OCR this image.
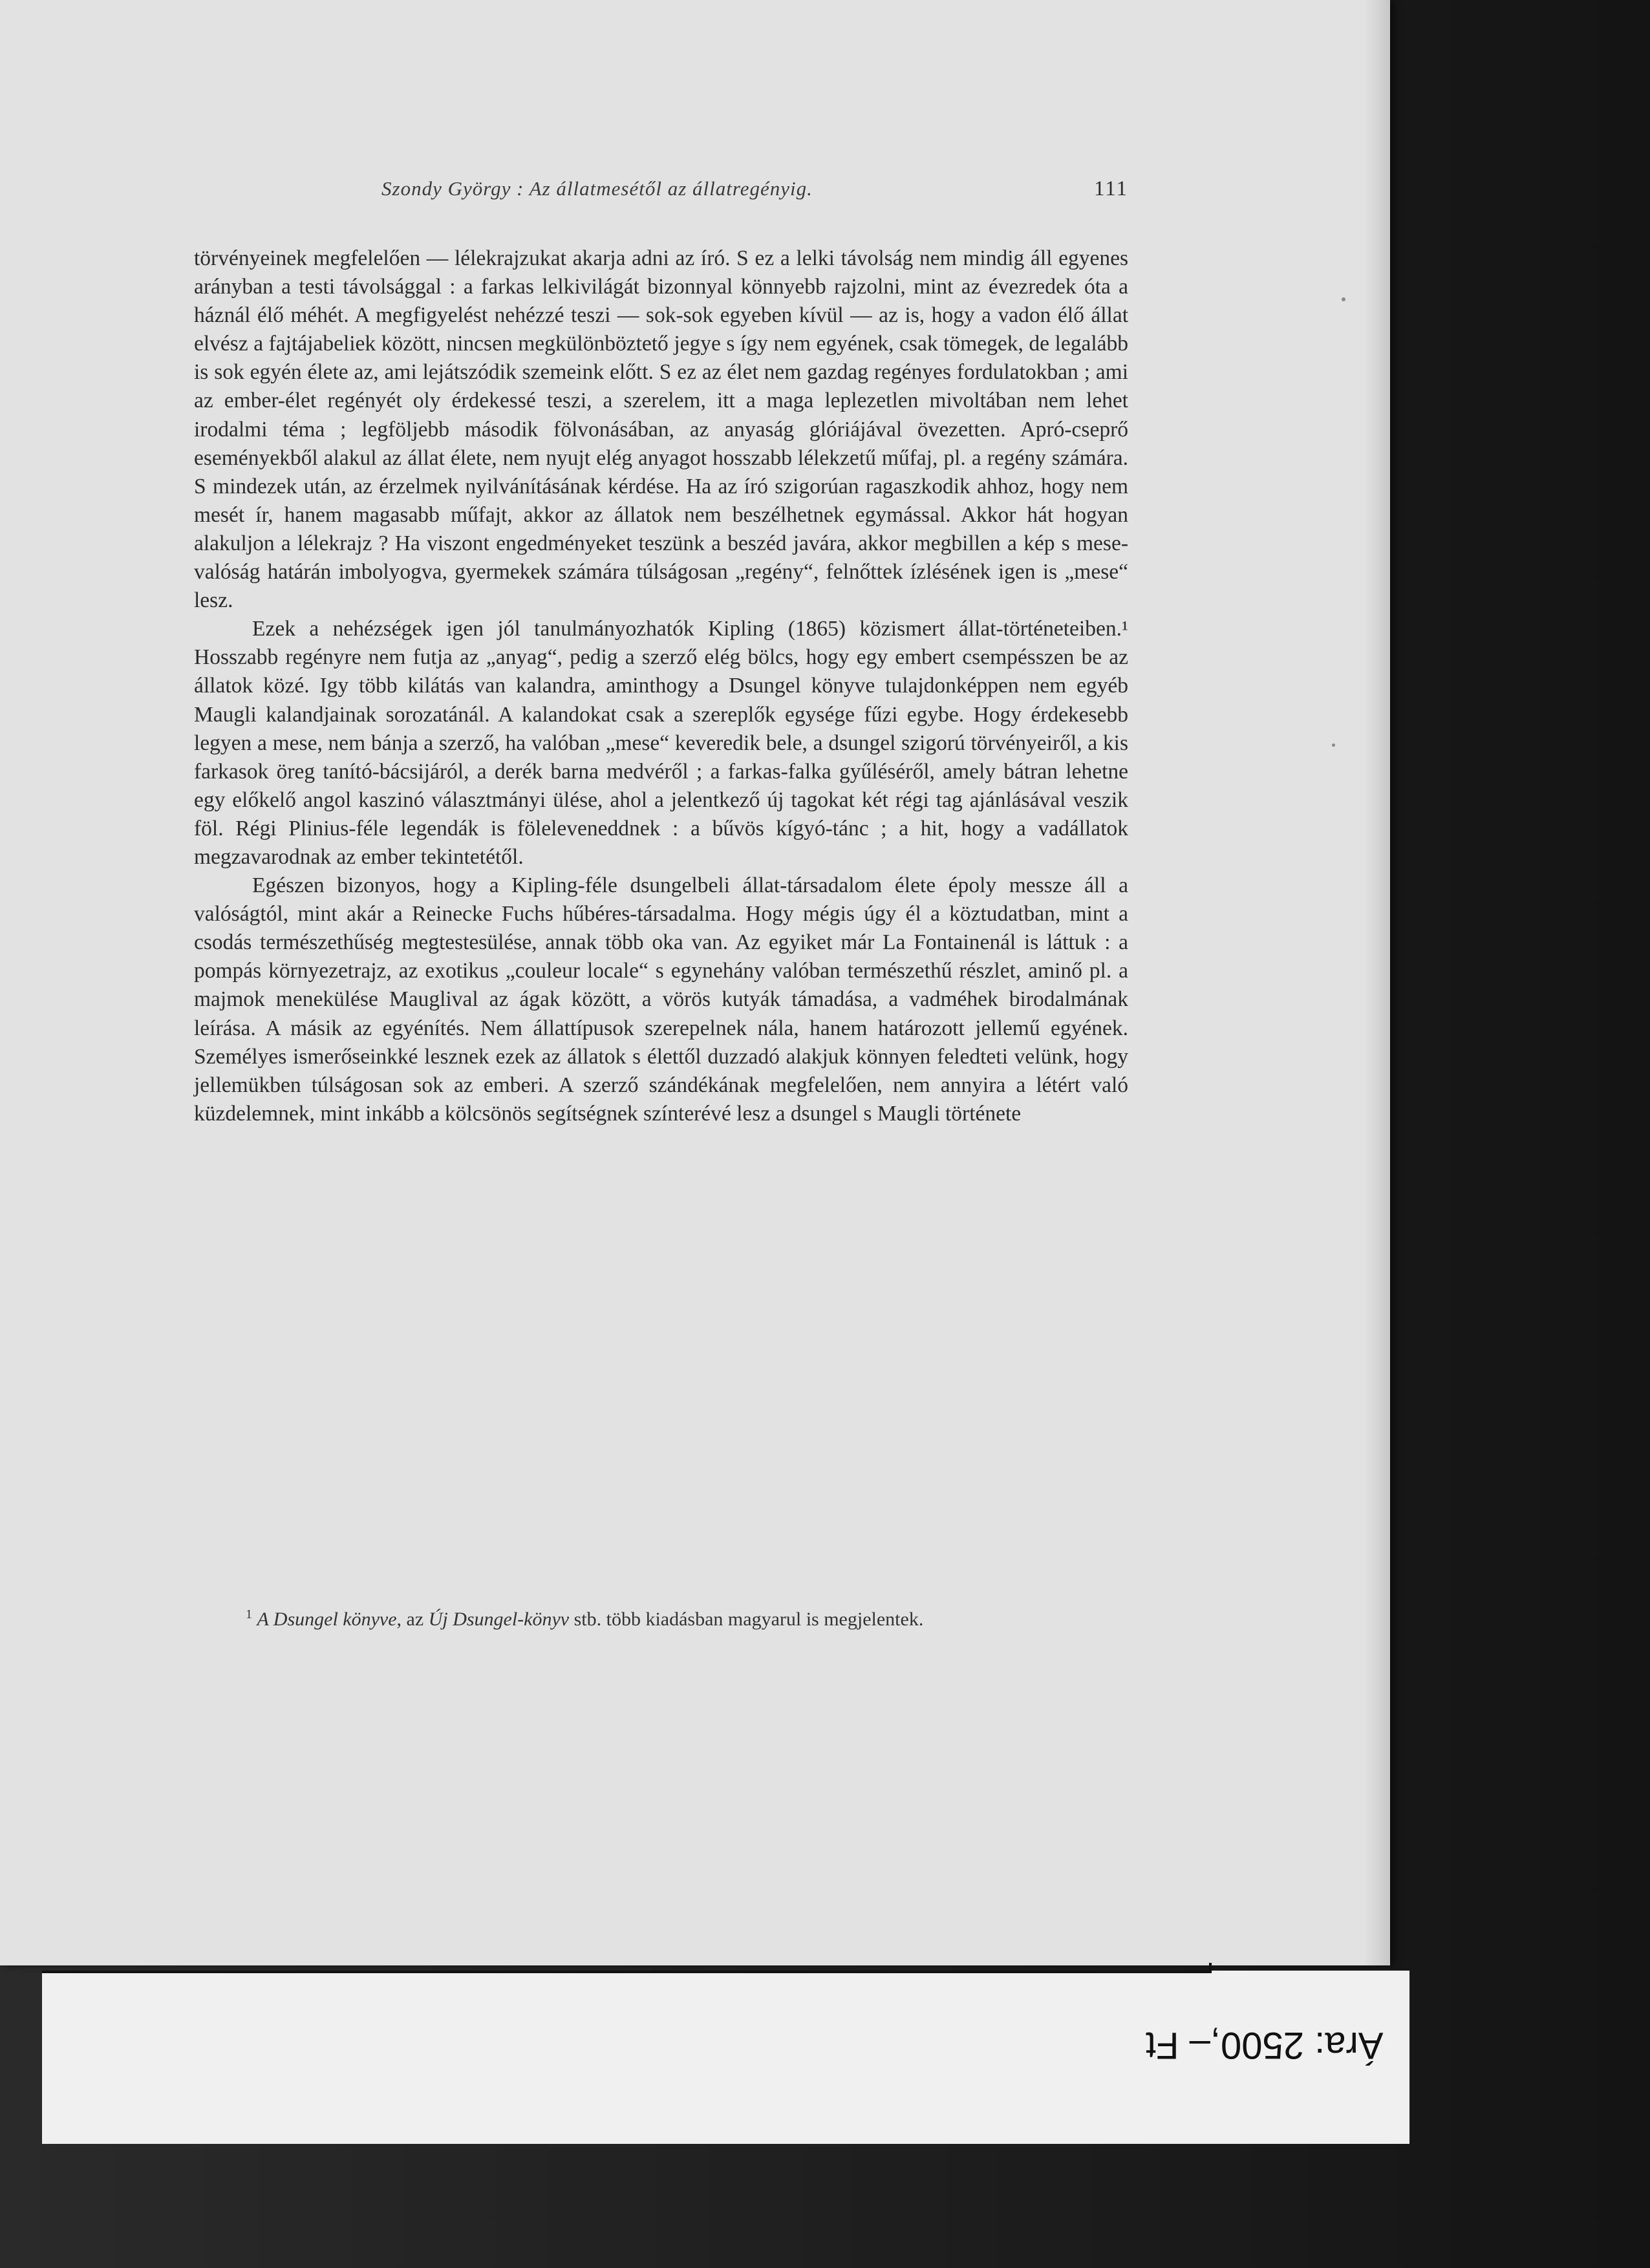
Szondy György : Az állatmesétől az állatregényig.	111

törvényeinek megfelelően — lélekrajzukat akarja adni az író. S ez a lelki távolság nem mindig áll egyenes arányban a testi távolsággal : a farkas lelkivilágát bizonnyal könnyebb rajzolni, mint az évezredek óta a háznál élő méhét. A megfigyelést nehézzé teszi — sok-sok egyeben kívül — az is, hogy a vadon élő állat elvész a fajtájabeliek között, nincsen megkülönböztető jegye s így nem egyének, csak tömegek, de legalább is sok egyén élete az, ami lejátszódik szemeink előtt. S ez az élet nem gazdag regényes fordulatokban ; ami az ember-élet regényét oly érdekessé teszi, a szerelem, itt a maga leplezetlen mivoltában nem lehet irodalmi téma ; legföljebb második fölvonásában, az anyaság glóriájával övezetten. Apró-cseprő eseményekből alakul az állat élete, nem nyujt elég anyagot hosszabb lélekzetű műfaj, pl. a regény számára. S mindezek után, az érzelmek nyilvánításának kérdése. Ha az író szigorúan ragaszkodik ahhoz, hogy nem mesét ír, hanem magasabb műfajt, akkor az állatok nem beszélhetnek egymással. Akkor hát hogyan alakuljon a lélekrajz ? Ha viszont engedményeket teszünk a beszéd javára, akkor megbillen a kép s mese-valóság határán imbolyogva, gyermekek számára túlságosan „regény“, felnőttek ízlésének igen is „mese“ lesz.

Ezek a nehézségek igen jól tanulmányozhatók Kipling (1865) közismert állat-történeteiben.¹ Hosszabb regényre nem futja az „anyag“, pedig a szerző elég bölcs, hogy egy embert csempésszen be az állatok közé. Igy több kilátás van kalandra, aminthogy a Dsungel könyve tulajdonképpen nem egyéb Maugli kalandjainak sorozatánál. A kalandokat csak a szereplők egysége fűzi egybe. Hogy érdekesebb legyen a mese, nem bánja a szerző, ha valóban „mese“ keveredik bele, a dsungel szigorú törvényeiről, a kis farkasok öreg tanító-bácsijáról, a derék barna medvéről ; a farkas-falka gyűléséről, amely bátran lehetne egy előkelő angol kaszinó választmányi ülése, ahol a jelentkező új tagokat két régi tag ajánlásával veszik föl. Régi Plinius-féle legendák is föleleveneddnek : a bűvös kígyó-tánc ; a hit, hogy a vadállatok megzavarodnak az ember tekintetétől.

Egészen bizonyos, hogy a Kipling-féle dsungelbeli állat-társadalom élete époly messze áll a valóságtól, mint akár a Reinecke Fuchs hűbéres-társadalma. Hogy mégis úgy él a köztudatban, mint a csodás természethűség megtestesülése, annak több oka van. Az egyiket már La Fontainenál is láttuk : a pompás környezetrajz, az exotikus „couleur locale“ s egynehány valóban természethű részlet, aminő pl. a majmok menekülése Mauglival az ágak között, a vörös kutyák támadása, a vadméhek birodalmának leírása. A másik az egyénítés. Nem állattípusok szerepelnek nála, hanem határozott jellemű egyének. Személyes ismerőseinkké lesznek ezek az állatok s élettől duzzadó alakjuk könnyen feledteti velünk, hogy jellemükben túlságosan sok az emberi. A szerző szándékának megfelelően, nem annyira a létért való küzdelemnek, mint inkább a kölcsönös segítségnek színterévé lesz a dsungel s Maugli története

$^1$ A Dsungel könyve, az Új Dsungel-könyv stb. több kiadásban magyarul is megjelentek.

Ára: 2500,– Ft
